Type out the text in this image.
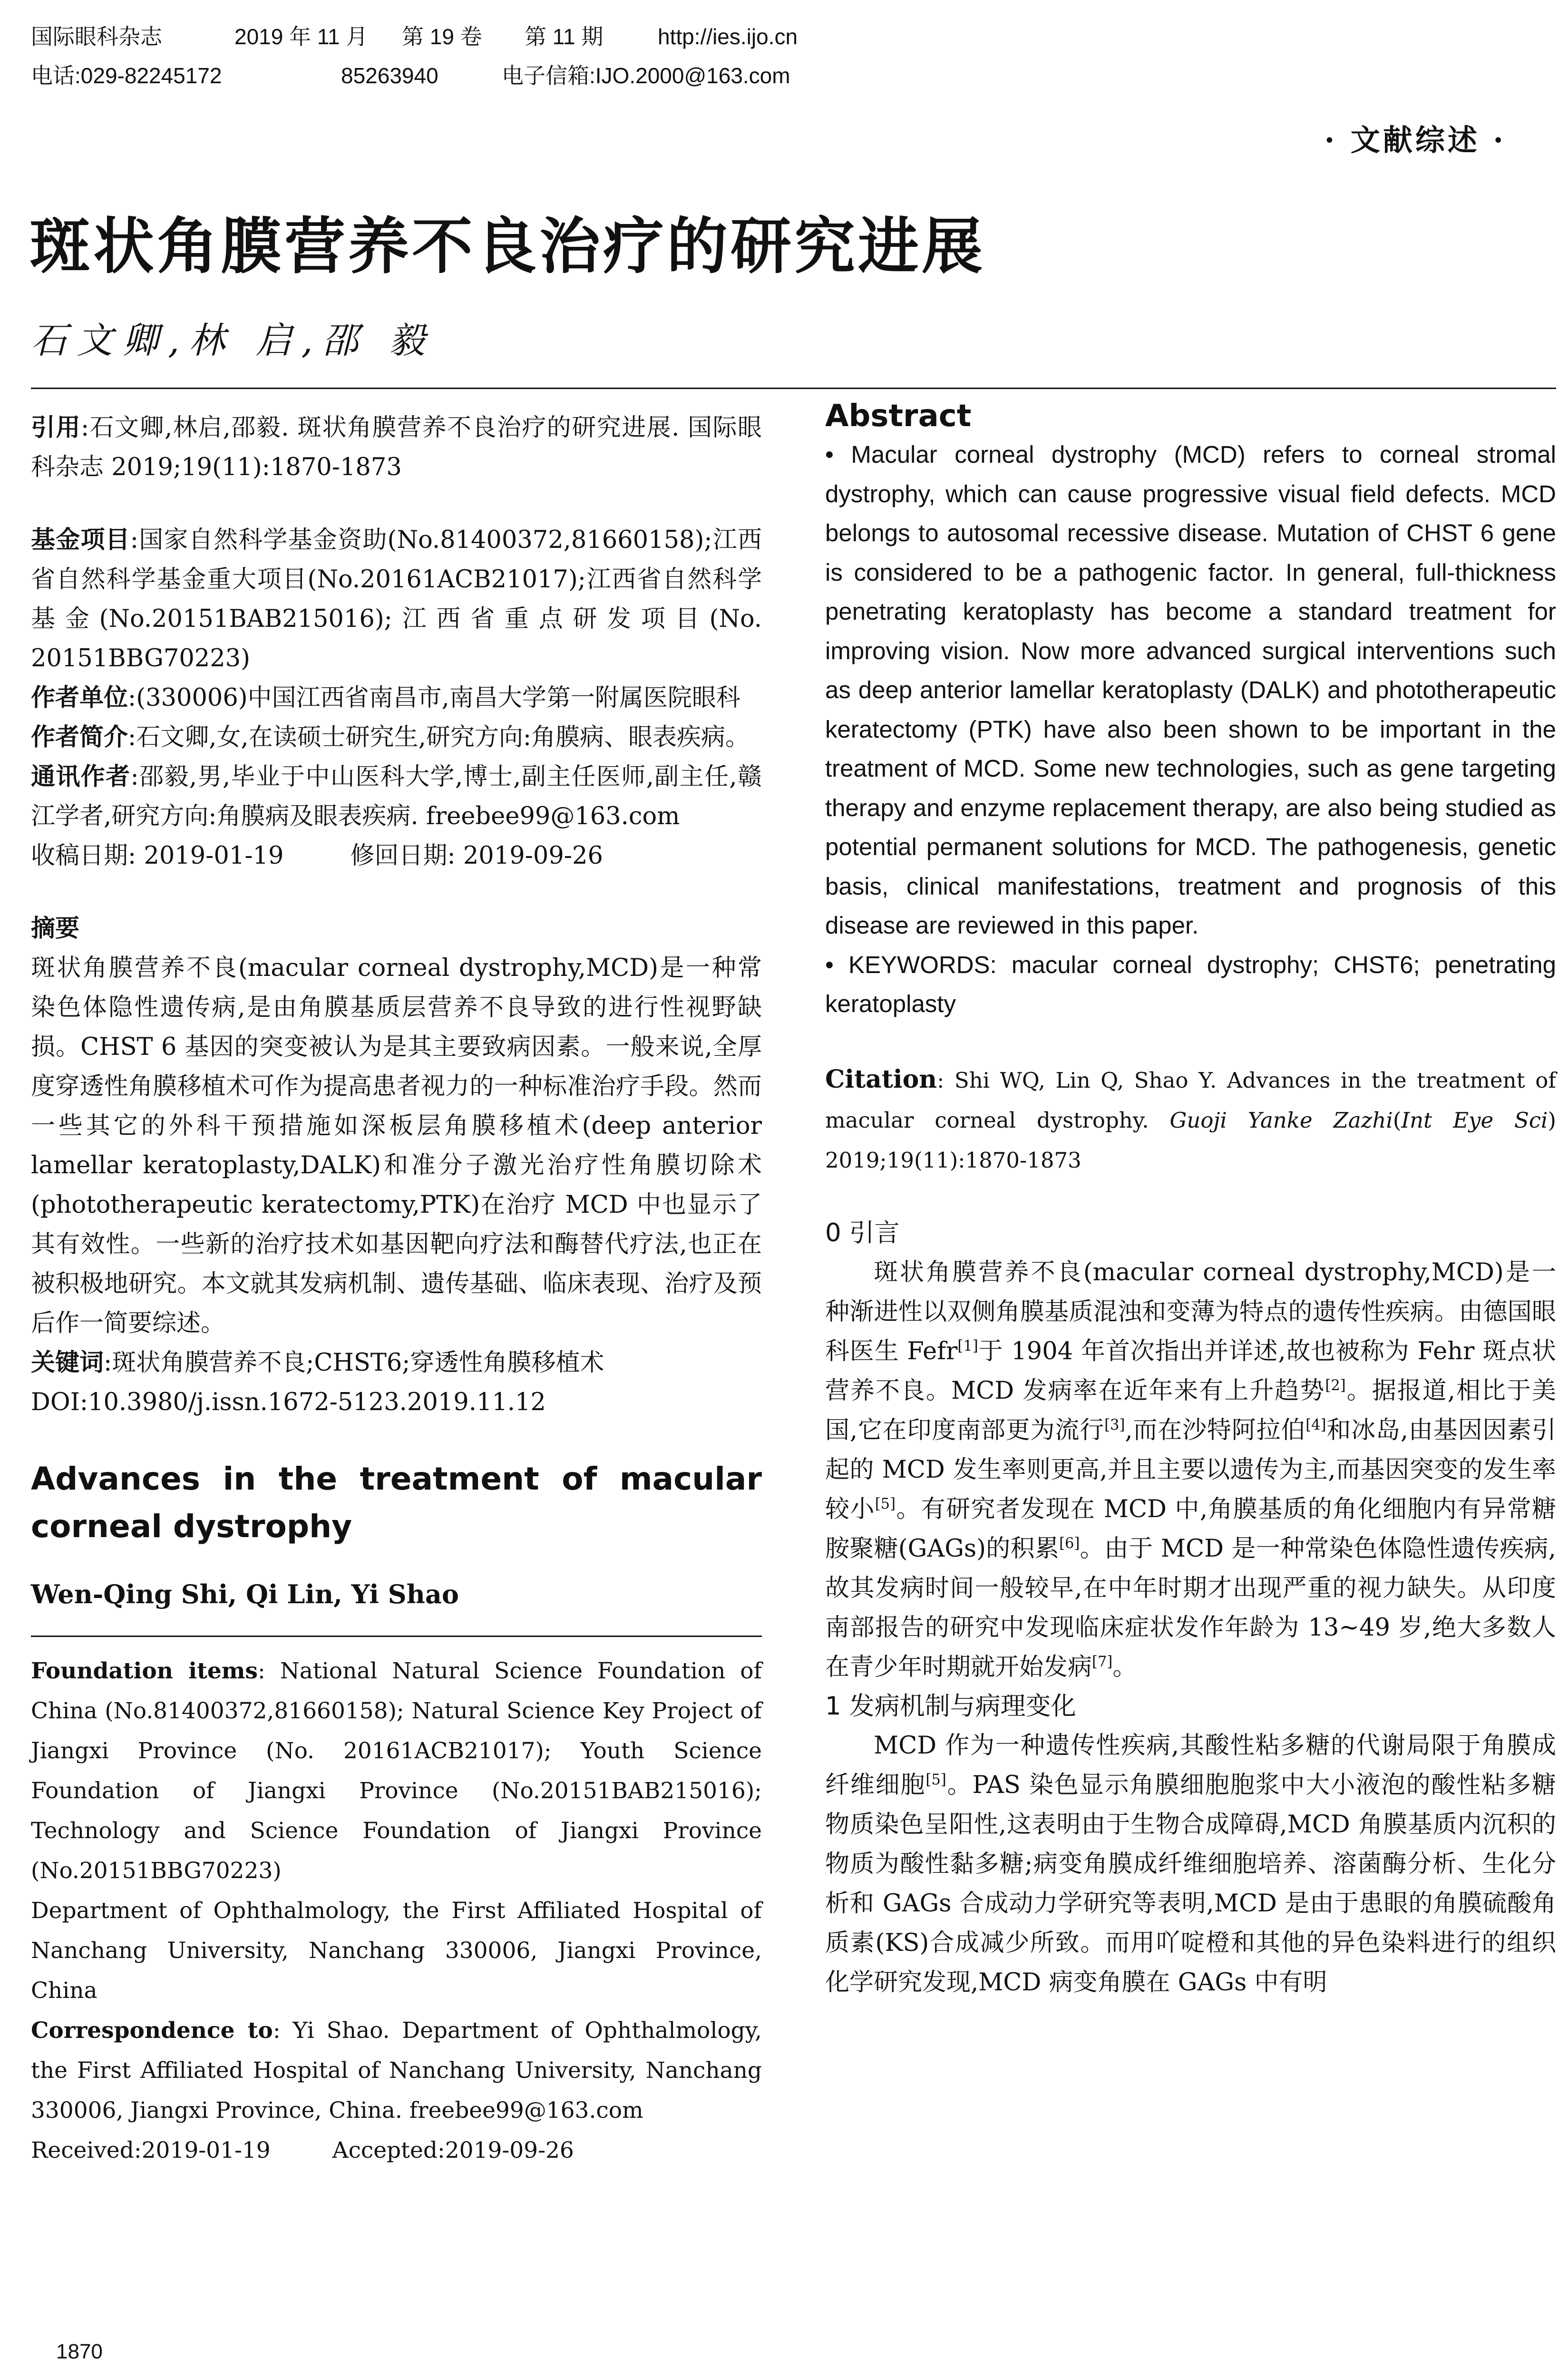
国际眼科杂志	2019 年 11 月 第 19 卷 第 11 期 http://ies.ijo.cn
电话:029-82245172	85263940	电子信箱:IJO.2000@163.com
· 文献综述 ·
斑状角膜营养不良治疗的研究进展
石文卿,林 启,邵 毅

引用:石文卿,林启,邵毅. 斑状角膜营养不良治疗的研究进展. 国际眼科杂志 2019;19(11):1870-1873

基金项目:国家自然科学基金资助(No.81400372,81660158);江西省自然科学基金重大项目(No.20161ACB21017);江西省自然科学基金(No.20151BAB215016);江西省重点研发项目(No. 20151BBG70223)

作者单位:(330006)中国江西省南昌市,南昌大学第一附属医院眼科

作者简介:石文卿,女,在读硕士研究生,研究方向:角膜病、眼表疾病。

通讯作者:邵毅,男,毕业于中山医科大学,博士,副主任医师,副主任,赣江学者,研究方向:角膜病及眼表疾病. freebee99@163.com

收稿日期: 2019-01-19	修回日期: 2019-09-26

摘要

斑状角膜营养不良(macular corneal dystrophy,MCD)是一种常染色体隐性遗传病,是由角膜基质层营养不良导致的进行性视野缺损。CHST 6 基因的突变被认为是其主要致病因素。一般来说,全厚度穿透性角膜移植术可作为提高患者视力的一种标准治疗手段。然而一些其它的外科干预措施如深板层角膜移植术(deep anterior lamellar keratoplasty,DALK)和准分子激光治疗性角膜切除术(phototherapeutic keratectomy,PTK)在治疗 MCD 中也显示了其有效性。一些新的治疗技术如基因靶向疗法和酶替代疗法,也正在被积极地研究。本文就其发病机制、遗传基础、临床表现、治疗及预后作一简要综述。

关键词:斑状角膜营养不良;CHST6;穿透性角膜移植术

DOI:10.3980/j.issn.1672-5123.2019.11.12

Advances in the treatment of macular corneal dystrophy
Wen-Qing Shi, Qi Lin, Yi Shao

Foundation items: National Natural Science Foundation of China (No.81400372,81660158); Natural Science Key Project of Jiangxi Province (No. 20161ACB21017); Youth Science Foundation of Jiangxi Province (No.20151BAB215016); Technology and Science Foundation of Jiangxi Province (No.20151BBG70223)

Department of Ophthalmology, the First Affiliated Hospital of Nanchang University, Nanchang 330006, Jiangxi Province, China

Correspondence to: Yi Shao. Department of Ophthalmology, the First Affiliated Hospital of Nanchang University, Nanchang 330006, Jiangxi Province, China. freebee99@163.com

Received:2019-01-19	Accepted:2019-09-26

Abstract

• Macular corneal dystrophy (MCD) refers to corneal stromal dystrophy, which can cause progressive visual field defects. MCD belongs to autosomal recessive disease. Mutation of CHST 6 gene is considered to be a pathogenic factor. In general, full-thickness penetrating keratoplasty has become a standard treatment for improving vision. Now more advanced surgical interventions such as deep anterior lamellar keratoplasty (DALK) and phototherapeutic keratectomy (PTK) have also been shown to be important in the treatment of MCD. Some new technologies, such as gene targeting therapy and enzyme replacement therapy, are also being studied as potential permanent solutions for MCD. The pathogenesis, genetic basis, clinical manifestations, treatment and prognosis of this disease are reviewed in this paper.

• KEYWORDS: macular corneal dystrophy; CHST6; penetrating keratoplasty

Citation: Shi WQ, Lin Q, Shao Y. Advances in the treatment of macular corneal dystrophy. Guoji Yanke Zazhi(Int Eye Sci) 2019;19(11):1870-1873

0 引言

斑状角膜营养不良(macular corneal dystrophy,MCD)是一种渐进性以双侧角膜基质混浊和变薄为特点的遗传性疾病。由德国眼科医生 Fefr[1]于 1904 年首次指出并详述,故也被称为 Fehr 斑点状营养不良。MCD 发病率在近年来有上升趋势[2]。据报道,相比于美国,它在印度南部更为流行[3],而在沙特阿拉伯[4]和冰岛,由基因因素引起的 MCD 发生率则更高,并且主要以遗传为主,而基因突变的发生率较小[5]。有研究者发现在 MCD 中,角膜基质的角化细胞内有异常糖胺聚糖(GAGs)的积累[6]。由于 MCD 是一种常染色体隐性遗传疾病,故其发病时间一般较早,在中年时期才出现严重的视力缺失。从印度南部报告的研究中发现临床症状发作年龄为 13~49 岁,绝大多数人在青少年时期就开始发病[7]。

1 发病机制与病理变化

MCD 作为一种遗传性疾病,其酸性粘多糖的代谢局限于角膜成纤维细胞[5]。PAS 染色显示角膜细胞胞浆中大小液泡的酸性粘多糖物质染色呈阳性,这表明由于生物合成障碍,MCD 角膜基质内沉积的物质为酸性黏多糖;病变角膜成纤维细胞培养、溶菌酶分析、生化分析和 GAGs 合成动力学研究等表明,MCD 是由于患眼的角膜硫酸角质素(KS)合成减少所致。而用吖啶橙和其他的异色染料进行的组织化学研究发现,MCD 病变角膜在 GAGs 中有明

1870
